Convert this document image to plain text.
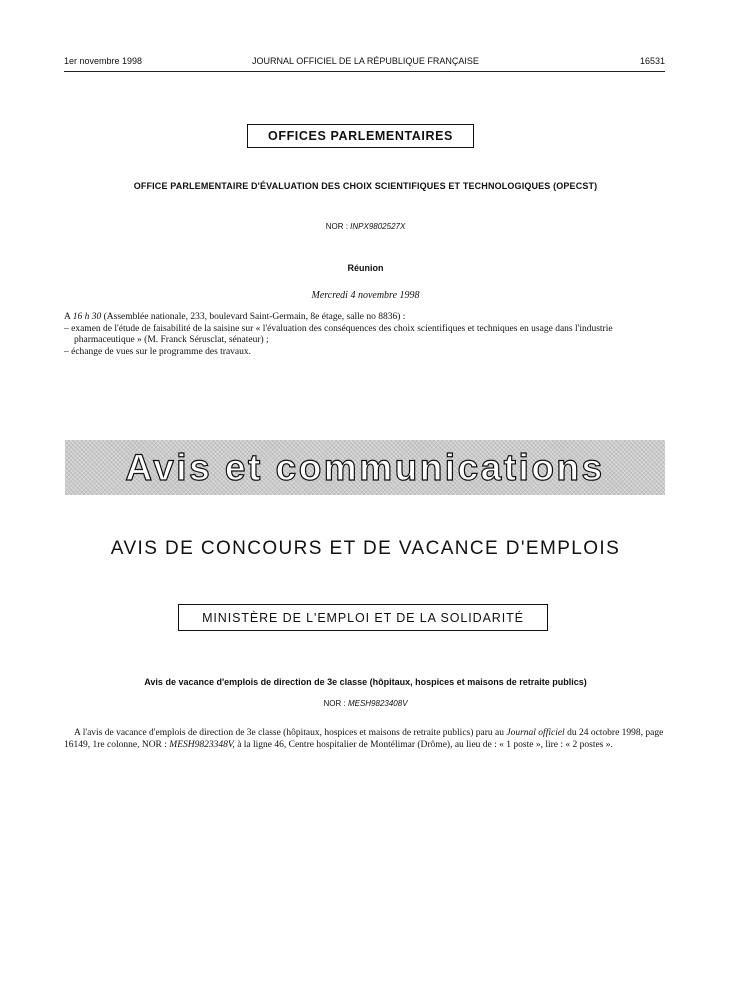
1er novembre 1998	JOURNAL OFFICIEL DE LA RÉPUBLIQUE FRANÇAISE	16531
OFFICES PARLEMENTAIRES
OFFICE PARLEMENTAIRE D'ÉVALUATION DES CHOIX SCIENTIFIQUES ET TECHNOLOGIQUES (OPECST)
NOR : INPX9802527X
Réunion
Mercredi 4 novembre 1998

A 16 h 30 (Assemblée nationale, 233, boulevard Saint-Germain, 8e étage, salle no 8836) :

– examen de l'étude de faisabilité de la saisine sur « l'évaluation des conséquences des choix scientifiques et techniques en usage dans l'industrie pharmaceutique » (M. Franck Sérusclat, sénateur) ;

– échange de vues sur le programme des travaux.

Avis et communications
AVIS DE CONCOURS ET DE VACANCE D'EMPLOIS
MINISTÈRE DE L'EMPLOI ET DE LA SOLIDARITÉ
Avis de vacance d'emplois de direction de 3e classe (hôpitaux, hospices et maisons de retraite publics)
NOR : MESH9823408V
A l'avis de vacance d'emplois de direction de 3e classe (hôpitaux, hospices et maisons de retraite publics) paru au Journal officiel du 24 octobre 1998, page 16149, 1re colonne, NOR : MESH9823348V, à la ligne 46, Centre hospitalier de Montélimar (Drôme), au lieu de : « 1 poste », lire : « 2 postes ».
